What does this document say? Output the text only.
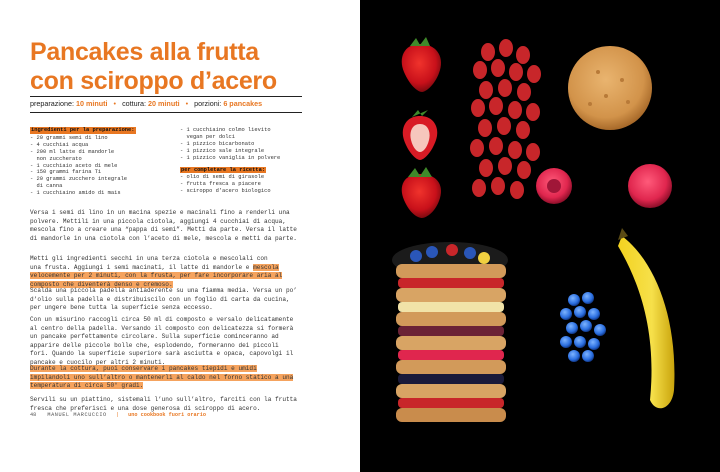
Pancakes alla frutta
con sciroppo d’acero
preparazione: 10 minuti • cottura: 20 minuti • porzioni: 6 pancakes
ingredienti per la preparazione:
- 20 grammi semi di lino
- 4 cucchiai acqua
- 200 ml latte di mandorle
non zuccherato
- 1 cucchiaio aceto di mele
- 150 grammi farina Ti
- 20 grammi zucchero integrale
di canna
- 1 cucchiaino amido di mais
- 1 cucchiaino colmo lievito
vegan per dolci
- 1 pizzico bicarbonato
- 1 pizzico sale integrale
- 1 pizzico vaniglia in polvere
per completare la ricetta:
- olio di semi di girasole
- frutta fresca a piacere
- sciroppo d’acero biologico
Versa i semi di lino in un macina spezie e macinali fino a renderli una
polvere. Mettili in una piccola ciotola, aggiungi 4 cucchiai di acqua,
mescola fino a creare una “pappa di semi”. Metti da parte. Versa il latte
di mandorle in una ciotola con l’aceto di mele, mescola e metti da parte.
Metti gli ingredienti secchi in una terza ciotola e mescolali con
una frusta. Aggiungi i semi macinati, il latte di mandorle e mescola
velocemente per 2 minuti, con la frusta, per fare incorporare aria al
composto che diventerà denso e cremoso.
Scalda una piccola padella antiaderente su una fiamma media. Versa un po’
d’olio sulla padella e distribuiscilo con un foglio di carta da cucina,
per ungere bene tutta la superficie senza eccesso.
Con un misurino raccogli circa 50 ml di composto e versalo delicatamente
al centro della padella. Versando il composto con delicatezza si formerà
un pancake perfettamente circolare. Sulla superficie cominceranno ad
apparire delle piccole bolle che, esplodendo, formeranno dei piccoli
fori. Quando la superficie superiore sarà asciutta e opaca, capovolgi il
pancake e cuocilo per altri 2 minuti.
Durante la cottura, puoi conservare i pancakes tiepidi e umidi
impilandoli uno sull’altro o mantenerli al caldo nel forno statico a una
temperatura di circa 50° gradi.
Servili su un piattino, sistemali l’uno sull’altro, farciti con la frutta
fresca che preferisci e una dose generosa di sciroppo di acero.
48 MANUEL MARCUCCIO | uno cookbook fuori orario
